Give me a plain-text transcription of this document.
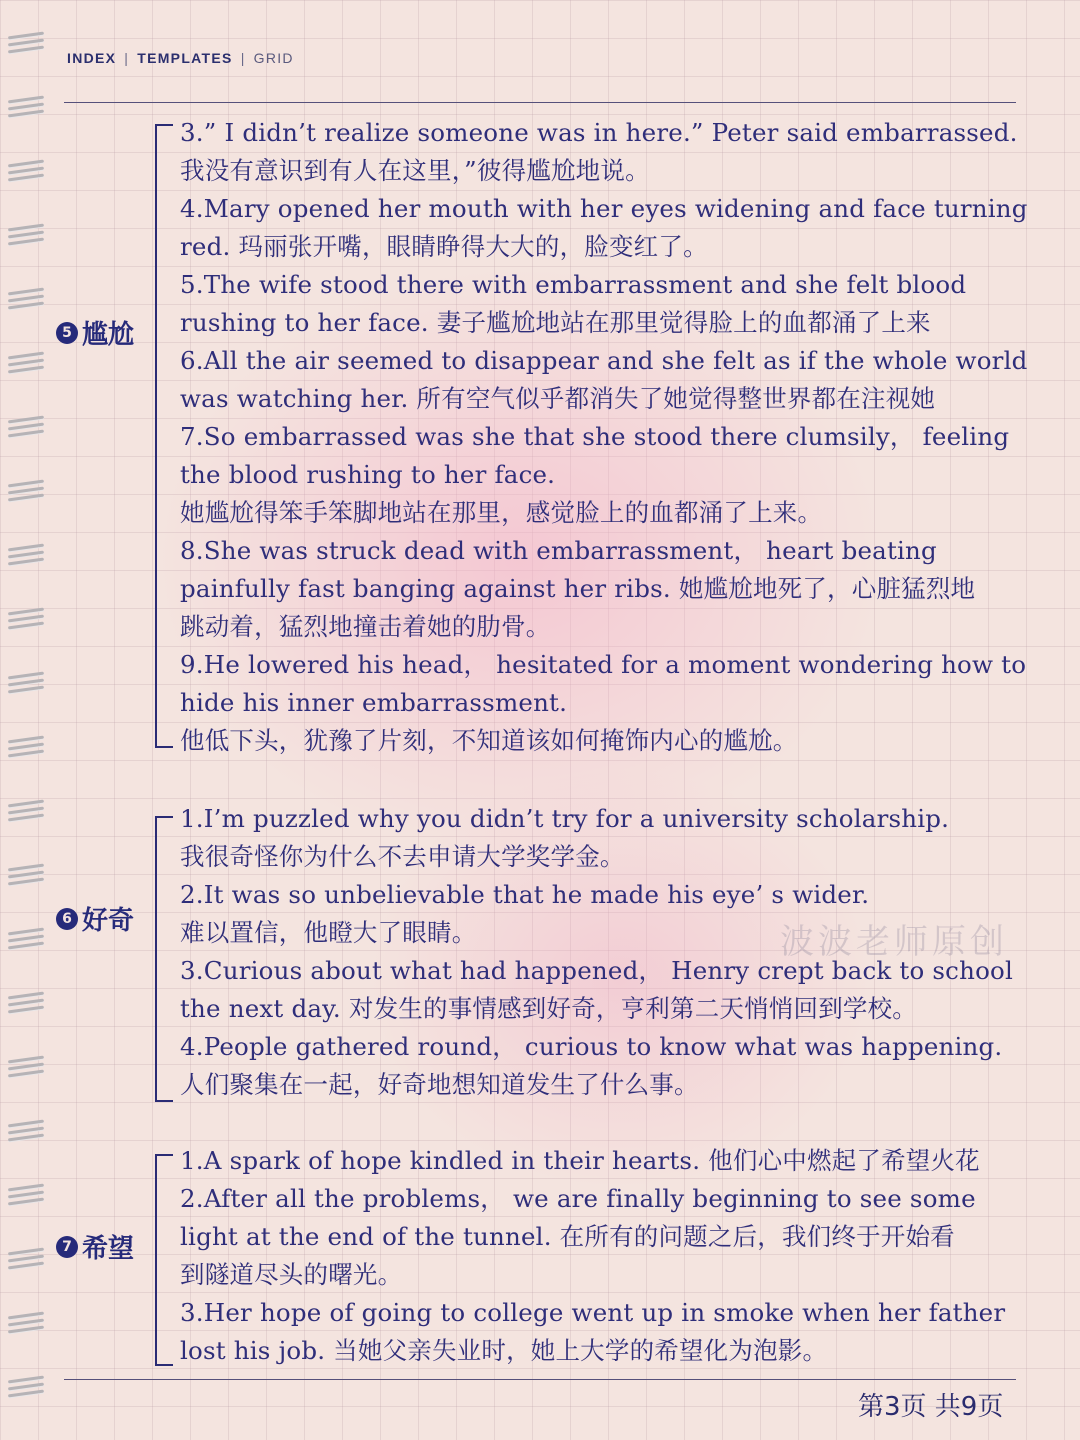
INDEX | TEMPLATES | GRID
5 尴尬
3.” I didn’t realize someone was in here.” Peter said embarrassed.
我没有意识到有人在这里，”彼得尴尬地说。
4.Mary opened her mouth with her eyes widening and face turning
red. 玛丽张开嘴，眼睛睁得大大的，脸变红了。
5.The wife stood there with embarrassment and she felt blood
rushing to her face. 妻子尴尬地站在那里觉得脸上的血都涌了上来
6.All the air seemed to disappear and she felt as if the whole world
was watching her. 所有空气似乎都消失了她觉得整世界都在注视她
7.So embarrassed was she that she stood there clumsily， feeling
the blood rushing to her face.
她尴尬得笨手笨脚地站在那里，感觉脸上的血都涌了上来。
8.She was struck dead with embarrassment， heart beating
painfully fast banging against her ribs. 她尴尬地死了，心脏猛烈地
跳动着，猛烈地撞击着她的肋骨。
9.He lowered his head， hesitated for a moment wondering how to
hide his inner embarrassment.
他低下头，犹豫了片刻，不知道该如何掩饰内心的尴尬。
6 好奇
1.I’m puzzled why you didn’t try for a university scholarship.
我很奇怪你为什么不去申请大学奖学金。
2.It was so unbelievable that he made his eye’ s wider.
难以置信，他瞪大了眼睛。
3.Curious about what had happened， Henry crept back to school
the next day. 对发生的事情感到好奇，亨利第二天悄悄回到学校。
4.People gathered round， curious to know what was happening.
人们聚集在一起，好奇地想知道发生了什么事。
波波老师原创
7 希望
1.A spark of hope kindled in their hearts. 他们心中燃起了希望火花
2.After all the problems， we are finally beginning to see some
light at the end of the tunnel. 在所有的问题之后，我们终于开始看
到隧道尽头的曙光。
3.Her hope of going to college went up in smoke when her father
lost his job. 当她父亲失业时，她上大学的希望化为泡影。
第3页 共9页
